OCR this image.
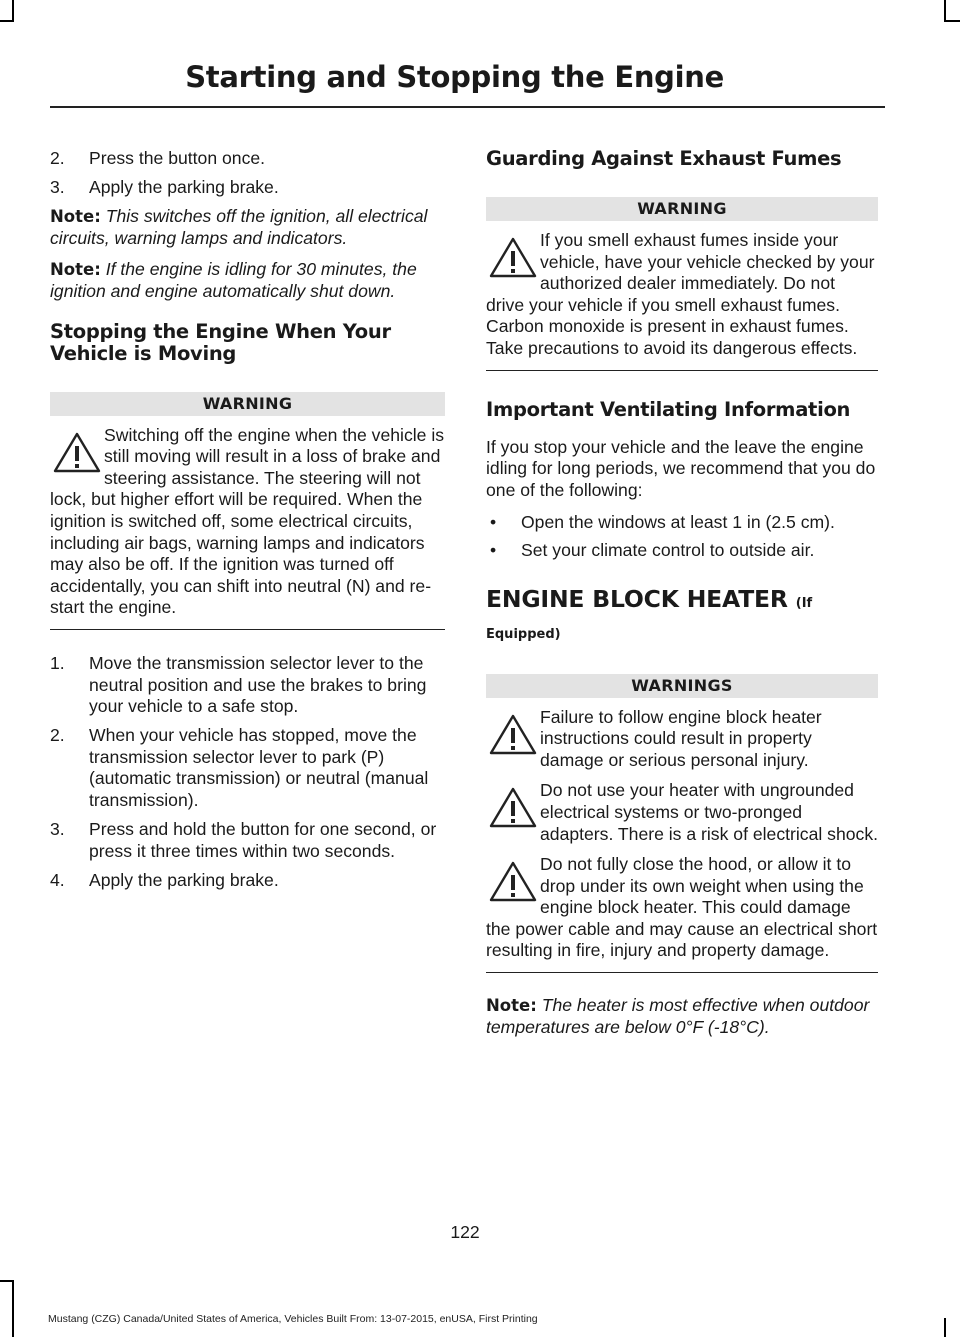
Starting and Stopping the Engine
2. Press the button once.
3. Apply the parking brake.

Note: This switches off the ignition, all electrical circuits, warning lamps and indicators.

Note: If the engine is idling for 30 minutes, the ignition and engine automatically shut down.

Stopping the Engine When Your Vehicle is Moving
WARNING
Switching off the engine when the vehicle is still moving will result in a loss of brake and steering assistance. The steering will not lock, but higher effort will be required. When the ignition is switched off, some electrical circuits, including air bags, warning lamps and indicators may also be off. If the ignition was turned off accidentally, you can shift into neutral (N) and re-start the engine.
1. Move the transmission selector lever to the neutral position and use the brakes to bring your vehicle to a safe stop.
2. When your vehicle has stopped, move the transmission selector lever to park (P) (automatic transmission) or neutral (manual transmission).
3. Press and hold the button for one second, or press it three times within two seconds.
4. Apply the parking brake.
Guarding Against Exhaust Fumes
WARNING
If you smell exhaust fumes inside your vehicle, have your vehicle checked by your authorized dealer immediately. Do not drive your vehicle if you smell exhaust fumes. Carbon monoxide is present in exhaust fumes. Take precautions to avoid its dangerous effects.
Important Ventilating Information

If you stop your vehicle and the leave the engine idling for long periods, we recommend that you do one of the following:

• Open the windows at least 1 in (2.5 cm).
• Set your climate control to outside air.
ENGINE BLOCK HEATER (If Equipped)
WARNINGS
Failure to follow engine block heater instructions could result in property damage or serious personal injury.
Do not use your heater with ungrounded electrical systems or two-pronged adapters. There is a risk of electrical shock.
Do not fully close the hood, or allow it to drop under its own weight when using the engine block heater. This could damage the power cable and may cause an electrical short resulting in fire, injury and property damage.

Note: The heater is most effective when outdoor temperatures are below 0°F (-18°C).

122
Mustang (CZG) Canada/United States of America, Vehicles Built From: 13-07-2015, enUSA, First Printing
